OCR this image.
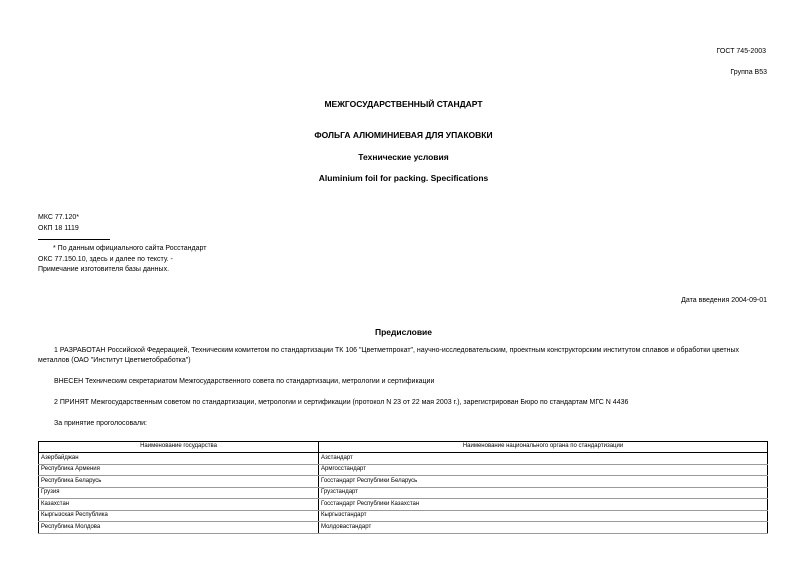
ГОСТ 745-2003
Группа В53
МЕЖГОСУДАРСТВЕННЫЙ СТАНДАРТ
ФОЛЬГА АЛЮМИНИЕВАЯ ДЛЯ УПАКОВКИ
Технические условия
Aluminium foil for packing. Specifications
МКС 77.120*
ОКП 18 1119
* По данным официального сайта Росстандарт
ОКС 77.150.10, здесь и далее по тексту. -
Примечание изготовителя базы данных.
Дата введения 2004-09-01
Предисловие
1 РАЗРАБОТАН Российской Федерацией, Техническим комитетом по стандартизации ТК 106 "Цветметпрокат", научно-исследовательским, проектным конструкторским институтом сплавов и обработки цветных металлов (ОАО "Институт Цветметобработка")
ВНЕСЕН Техническим секретариатом Межгосударственного совета по стандартизации, метрологии и сертификации
2 ПРИНЯТ Межгосударственным советом по стандартизации, метрологии и сертификации (протокол N 23 от 22 мая 2003 г.), зарегистрирован Бюро по стандартам МГС N 4436
За принятие проголосовали:
Наименование государства	Наименование национального органа по стандартизации
Азербайджан	Азстандарт
Республика Армения	Армгосстандарт
Республика Беларусь	Госстандарт Республики Беларусь
Грузия	Грузстандарт
Казахстан	Госстандарт Республики Казахстан
Кыргызская Республика	Кыргызстандарт
Республика Молдова	Молдовастандарт
